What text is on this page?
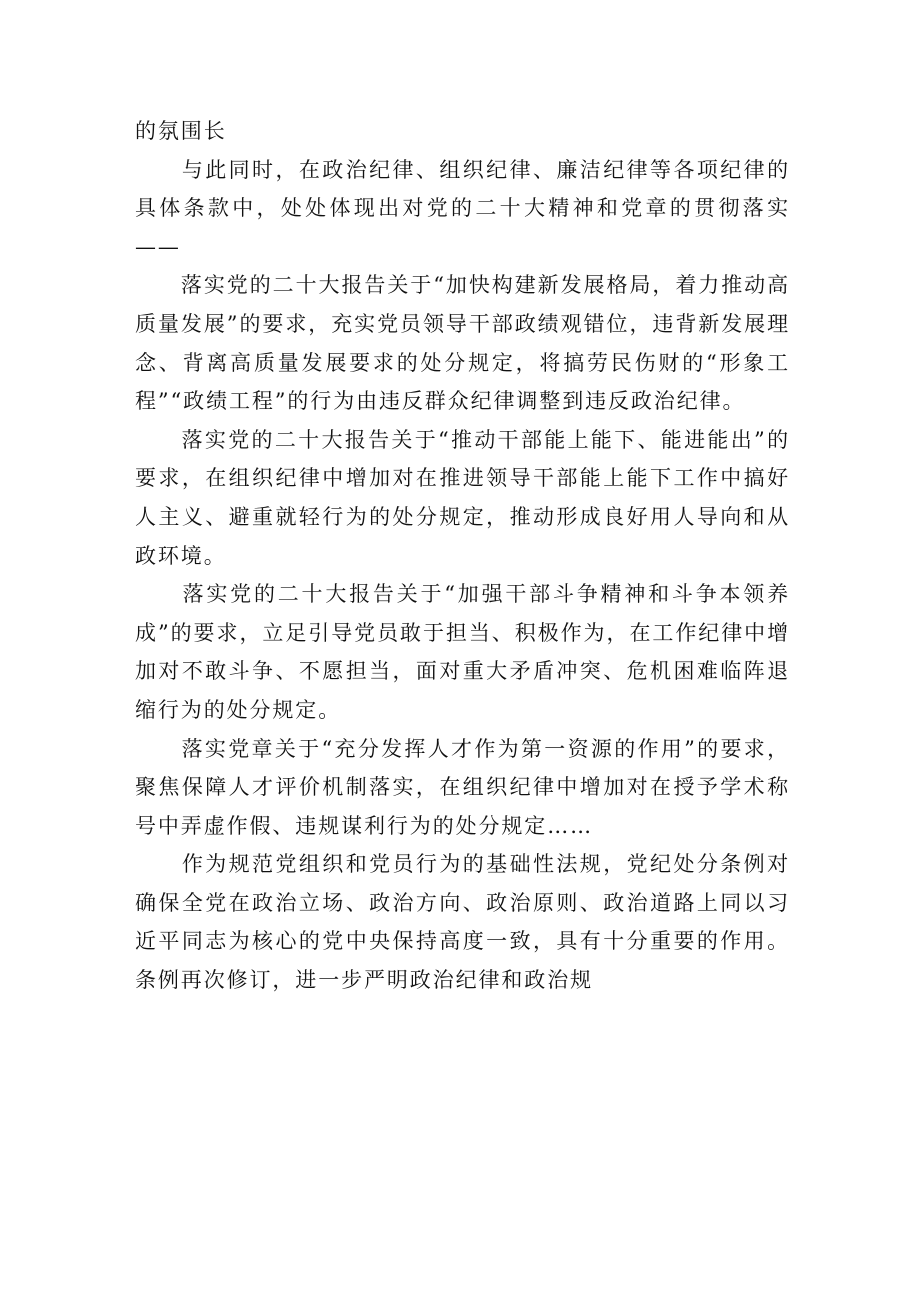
的氛围长

　　与此同时，在政治纪律、组织纪律、廉洁纪律等各项纪律的具体条款中，处处体现出对党的二十大精神和党章的贯彻落实——

　　落实党的二十大报告关于“加快构建新发展格局，着力推动高质量发展”的要求，充实党员领导干部政绩观错位，违背新发展理念、背离高质量发展要求的处分规定，将搞劳民伤财的“形象工程”“政绩工程”的行为由违反群众纪律调整到违反政治纪律。

　　落实党的二十大报告关于“推动干部能上能下、能进能出”的要求，在组织纪律中增加对在推进领导干部能上能下工作中搞好人主义、避重就轻行为的处分规定，推动形成良好用人导向和从政环境。

　　落实党的二十大报告关于“加强干部斗争精神和斗争本领养成”的要求，立足引导党员敢于担当、积极作为，在工作纪律中增加对不敢斗争、不愿担当，面对重大矛盾冲突、危机困难临阵退缩行为的处分规定。

　　落实党章关于“充分发挥人才作为第一资源的作用”的要求，聚焦保障人才评价机制落实，在组织纪律中增加对在授予学术称号中弄虚作假、违规谋利行为的处分规定……

　　作为规范党组织和党员行为的基础性法规，党纪处分条例对确保全党在政治立场、政治方向、政治原则、政治道路上同以习近平同志为核心的党中央保持高度一致，具有十分重要的作用。条例再次修订，进一步严明政治纪律和政治规
